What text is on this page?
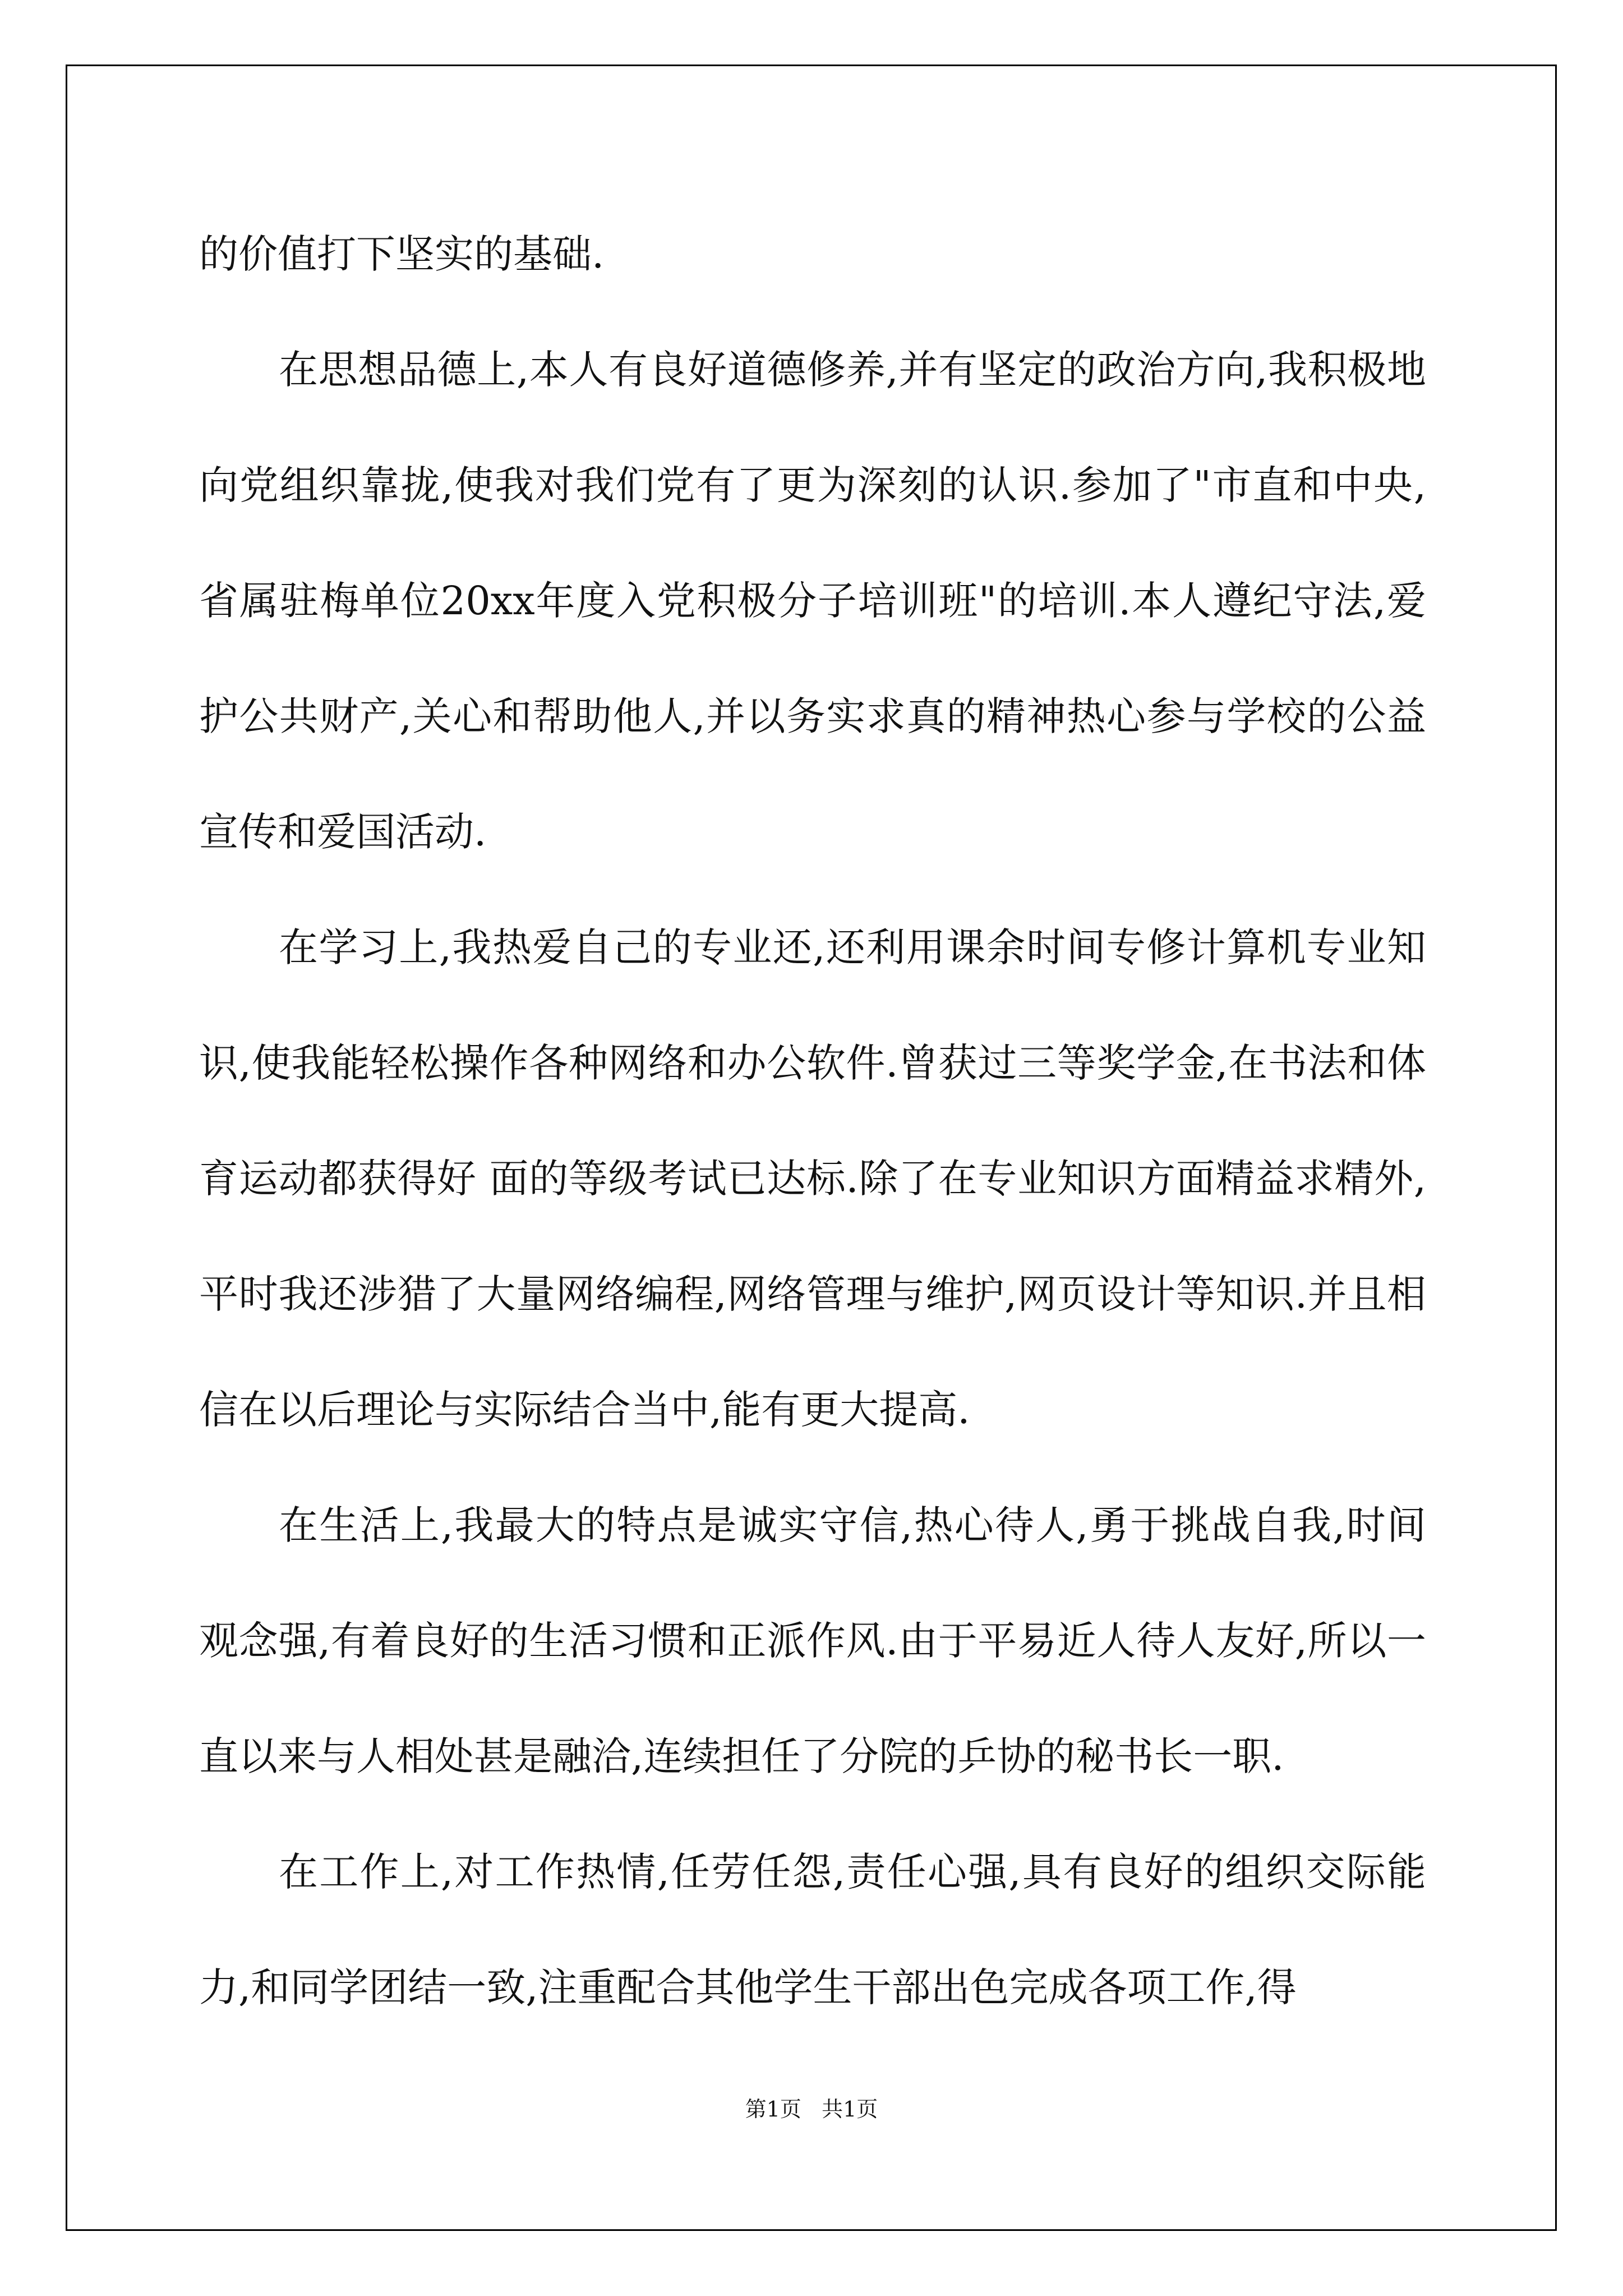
的价值打下坚实的基础.

在思想品德上,本人有良好道德修养,并有坚定的政治方向,我积极地向党组织靠拢,使我对我们党有了更为深刻的认识.参加了"市直和中央,省属驻梅单位20xx年度入党积极分子培训班"的培训.本人遵纪守法,爱护公共财产,关心和帮助他人,并以务实求真的精神热心参与学校的公益宣传和爱国活动.

在学习上,我热爱自己的专业还,还利用课余时间专修计算机专业知识,使我能轻松操作各种网络和办公软件.曾获过三等奖学金,在书法和体育运动都获得好 面的等级考试已达标.除了在专业知识方面精益求精外,平时我还涉猎了大量网络编程,网络管理与维护,网页设计等知识.并且相信在以后理论与实际结合当中,能有更大提高.

在生活上,我最大的特点是诚实守信,热心待人,勇于挑战自我,时间观念强,有着良好的生活习惯和正派作风.由于平易近人待人友好,所以一直以来与人相处甚是融洽,连续担任了分院的乒协的秘书长一职.

在工作上,对工作热情,任劳任怨,责任心强,具有良好的组织交际能力,和同学团结一致,注重配合其他学生干部出色完成各项工作,得

第1页   共1页
